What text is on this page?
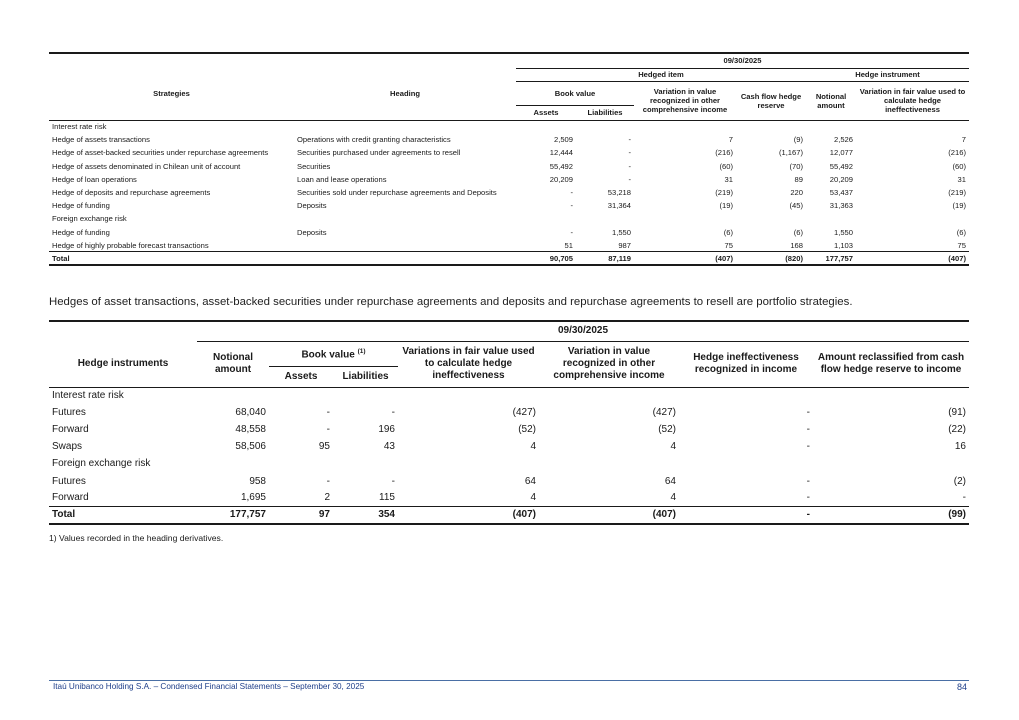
		09/30/2025					
Strategies	Heading	Hedged item				Hedge instrument	
		Book value		Variation in value recognized in other comprehensive income	Cash flow hedge reserve	Notional amount	Variation in fair value used to calculate hedge ineffectiveness
		Assets	Liabilities				
Interest rate risk							
Hedge of assets transactions	Operations with credit granting characteristics	2,509	-	7	(9)	2,526	7
Hedge of asset-backed securities under repurchase agreements	Securities purchased under agreements to resell	12,444	-	(216)	(1,167)	12,077	(216)
Hedge of assets denominated in Chilean unit of account	Securities	55,492	-	(60)	(70)	55,492	(60)
Hedge of loan operations	Loan and lease operations	20,209	-	31	89	20,209	31
Hedge of deposits and repurchase agreements	Securities sold under repurchase agreements and Deposits	-	53,218	(219)	220	53,437	(219)
Hedge of funding	Deposits	-	31,364	(19)	(45)	31,363	(19)
Foreign exchange risk							
Hedge of funding	Deposits	-	1,550	(6)	(6)	1,550	(6)
Hedge of highly probable forecast transactions		51	987	75	168	1,103	75
Total		90,705	87,119	(407)	(820)	177,757	(407)
Hedges of asset transactions, asset-backed securities under repurchase agreements and deposits and repurchase agreements to resell are portfolio strategies.
	09/30/2025						
Hedge instruments	Notional amount	Book value $^{(1)}$		Variations in fair value used to calculate hedge ineffectiveness	Variation in value recognized in other comprehensive income	Hedge ineffectiveness recognized in income	Amount reclassified from cash flow hedge reserve to income
		Assets	Liabilities				
Interest rate risk							
Futures	68,040	-	-	(427)	(427)	-	(91)
Forward	48,558	-	196	(52)	(52)	-	(22)
Swaps	58,506	95	43	4	4	-	16
Foreign exchange risk							
Futures	958	-	-	64	64	-	(2)
Forward	1,695	2	115	4	4	-	-
Total	177,757	97	354	(407)	(407)	-	(99)
1) Values recorded in the heading derivatives.
Itaú Unibanco Holding S.A. – Condensed Financial Statements – September 30, 2025	84
